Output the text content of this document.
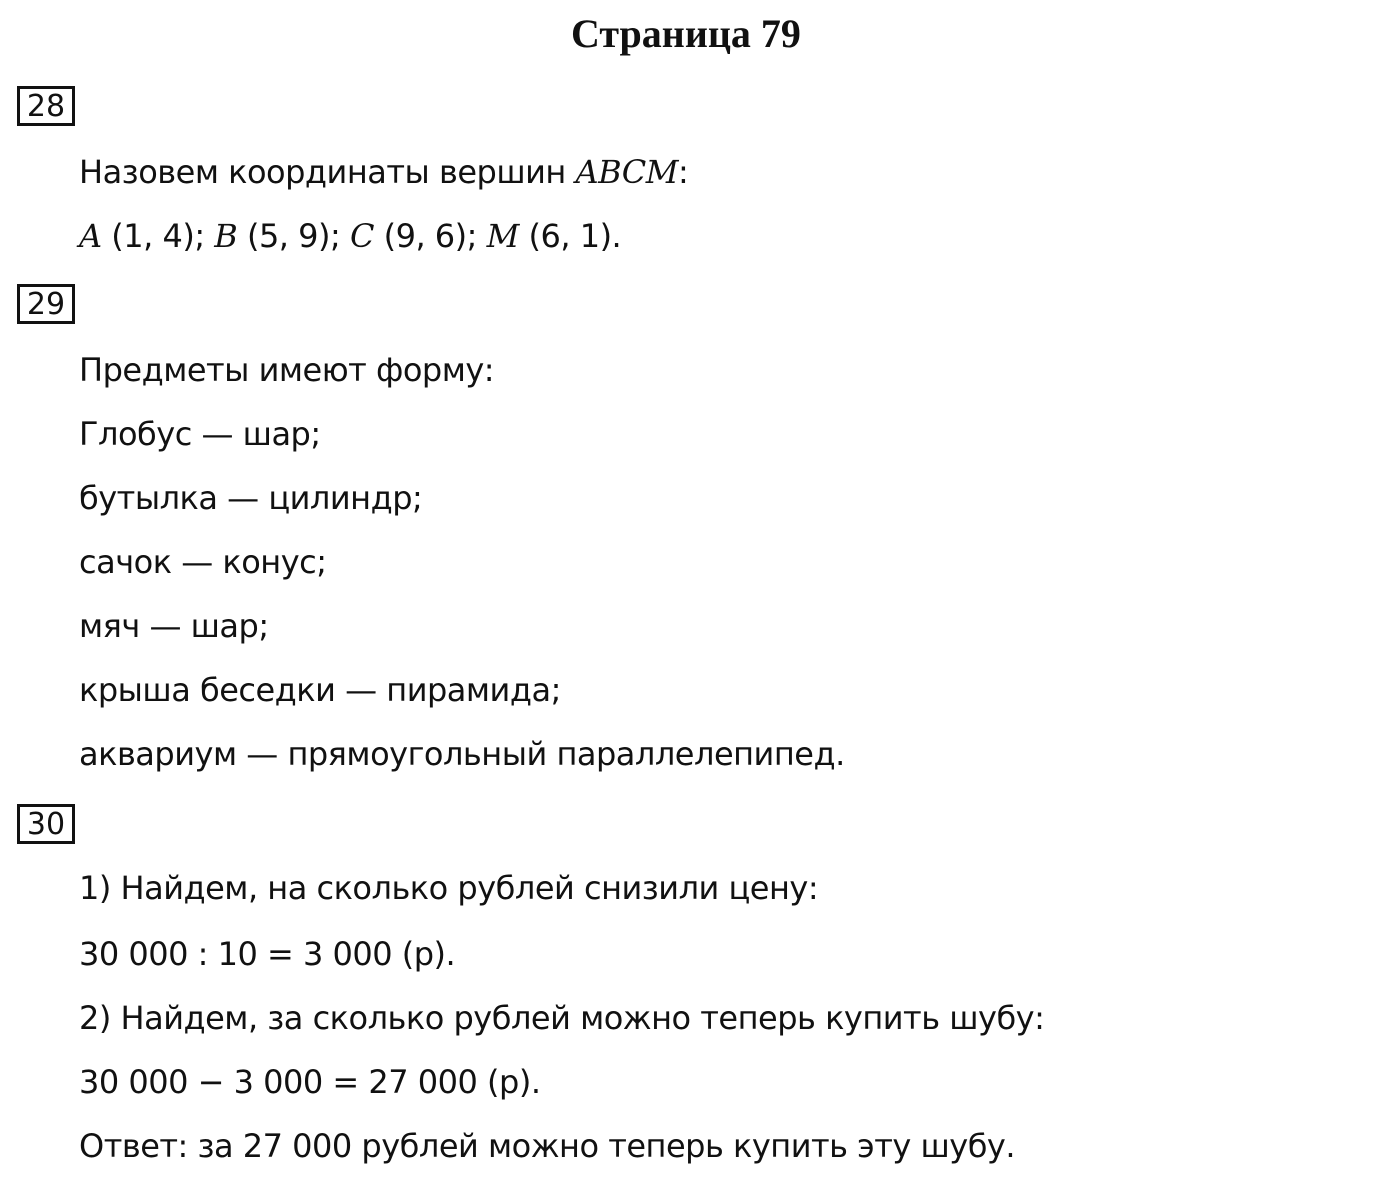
Страница 79
28
Назовем координаты вершин ABCM:
A (1, 4); B (5, 9); C (9, 6); M (6, 1).
29
Предметы имеют форму:
Глобус — шар;
бутылка — цилиндр;
сачок — конус;
мяч — шар;
крыша беседки — пирамида;
аквариум — прямоугольный параллелепипед.
30
1) Найдем, на сколько рублей снизили цену:
30 000 : 10 = 3 000 (р).
2) Найдем, за сколько рублей можно теперь купить шубу:
30 000 − 3 000 = 27 000 (р).
Ответ: за 27 000 рублей можно теперь купить эту шубу.
